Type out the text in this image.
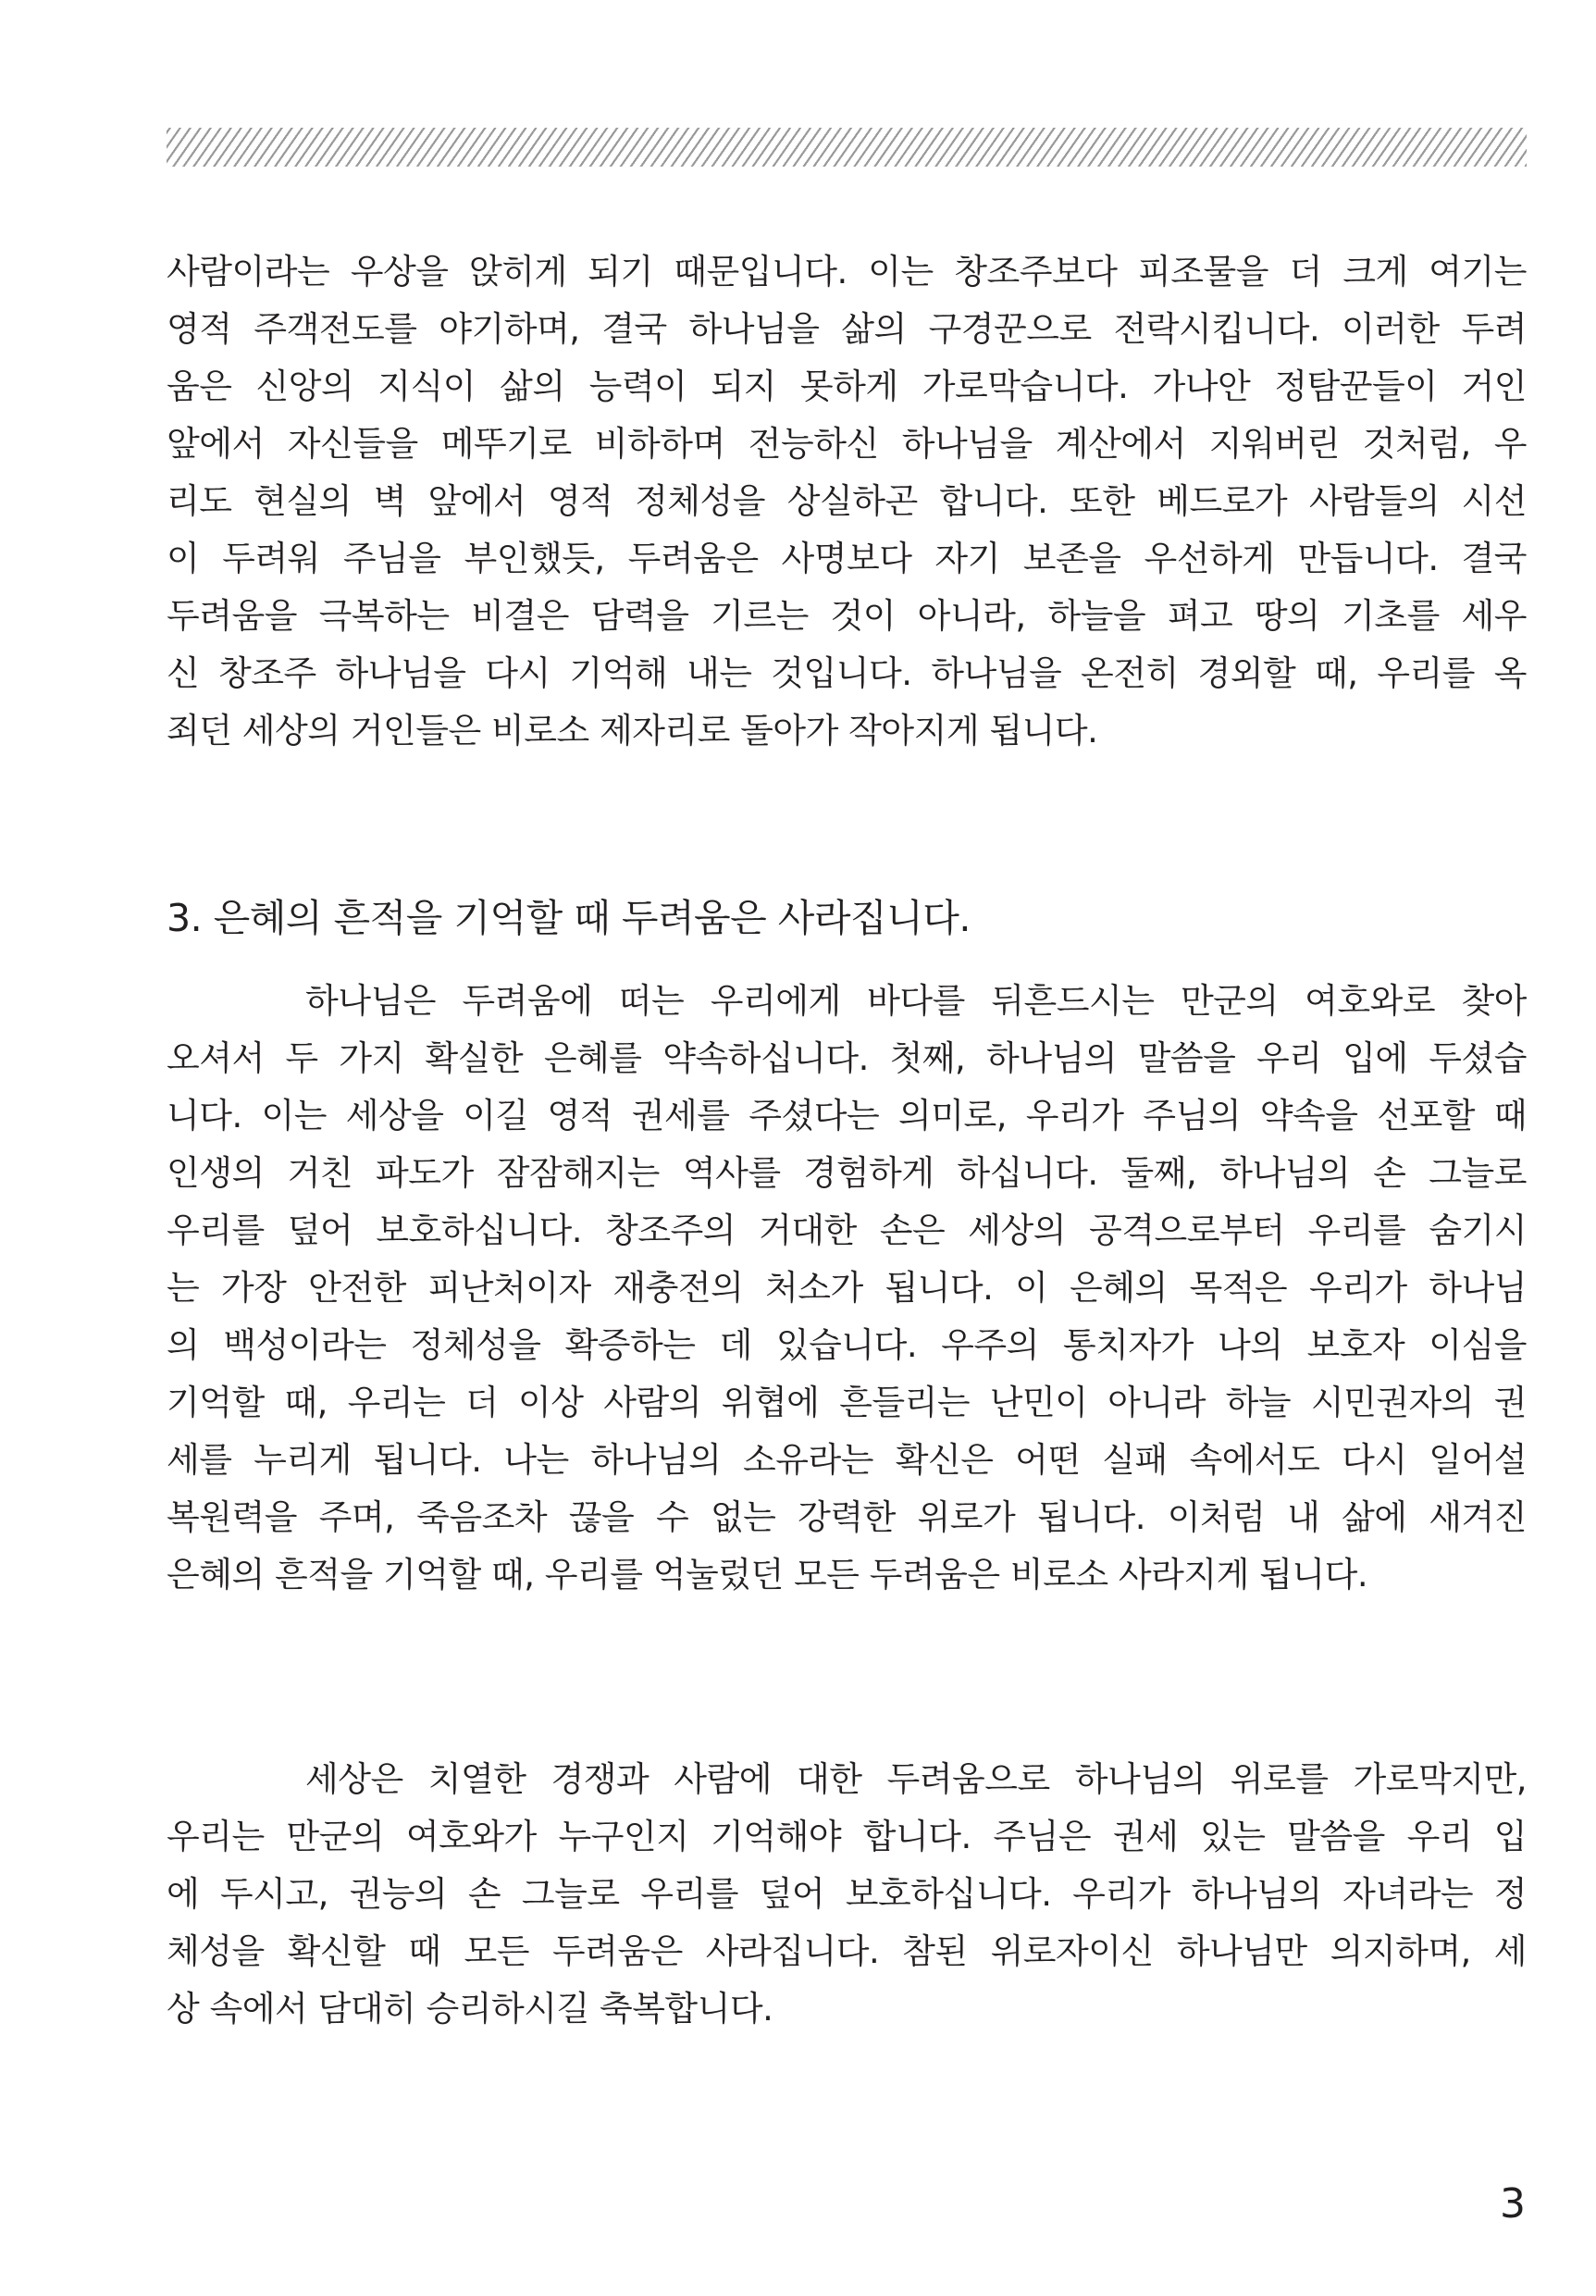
사람이라는 우상을 앉히게 되기 때문입니다. 이는 창조주보다 피조물을 더 크게 여기는
영적 주객전도를 야기하며, 결국 하나님을 삶의 구경꾼으로 전락시킵니다. 이러한 두려
움은 신앙의 지식이 삶의 능력이 되지 못하게 가로막습니다. 가나안 정탐꾼들이 거인
앞에서 자신들을 메뚜기로 비하하며 전능하신 하나님을 계산에서 지워버린 것처럼, 우
리도 현실의 벽 앞에서 영적 정체성을 상실하곤 합니다. 또한 베드로가 사람들의 시선
이 두려워 주님을 부인했듯, 두려움은 사명보다 자기 보존을 우선하게 만듭니다. 결국
두려움을 극복하는 비결은 담력을 기르는 것이 아니라, 하늘을 펴고 땅의 기초를 세우
신 창조주 하나님을 다시 기억해 내는 것입니다. 하나님을 온전히 경외할 때, 우리를 옥
죄던 세상의 거인들은 비로소 제자리로 돌아가 작아지게 됩니다.
3. 은혜의 흔적을 기억할 때 두려움은 사라집니다.
하나님은 두려움에 떠는 우리에게 바다를 뒤흔드시는 만군의 여호와로 찾아
오셔서 두 가지 확실한 은혜를 약속하십니다. 첫째, 하나님의 말씀을 우리 입에 두셨습
니다. 이는 세상을 이길 영적 권세를 주셨다는 의미로, 우리가 주님의 약속을 선포할 때
인생의 거친 파도가 잠잠해지는 역사를 경험하게 하십니다. 둘째, 하나님의 손 그늘로
우리를 덮어 보호하십니다. 창조주의 거대한 손은 세상의 공격으로부터 우리를 숨기시
는 가장 안전한 피난처이자 재충전의 처소가 됩니다. 이 은혜의 목적은 우리가 하나님
의 백성이라는 정체성을 확증하는 데 있습니다. 우주의 통치자가 나의 보호자 이심을
기억할 때, 우리는 더 이상 사람의 위협에 흔들리는 난민이 아니라 하늘 시민권자의 권
세를 누리게 됩니다. 나는 하나님의 소유라는 확신은 어떤 실패 속에서도 다시 일어설
복원력을 주며, 죽음조차 끊을 수 없는 강력한 위로가 됩니다. 이처럼 내 삶에 새겨진
은혜의 흔적을 기억할 때, 우리를 억눌렀던 모든 두려움은 비로소 사라지게 됩니다.
세상은 치열한 경쟁과 사람에 대한 두려움으로 하나님의 위로를 가로막지만,
우리는 만군의 여호와가 누구인지 기억해야 합니다. 주님은 권세 있는 말씀을 우리 입
에 두시고, 권능의 손 그늘로 우리를 덮어 보호하십니다. 우리가 하나님의 자녀라는 정
체성을 확신할 때 모든 두려움은 사라집니다. 참된 위로자이신 하나님만 의지하며, 세
상 속에서 담대히 승리하시길 축복합니다.
3
